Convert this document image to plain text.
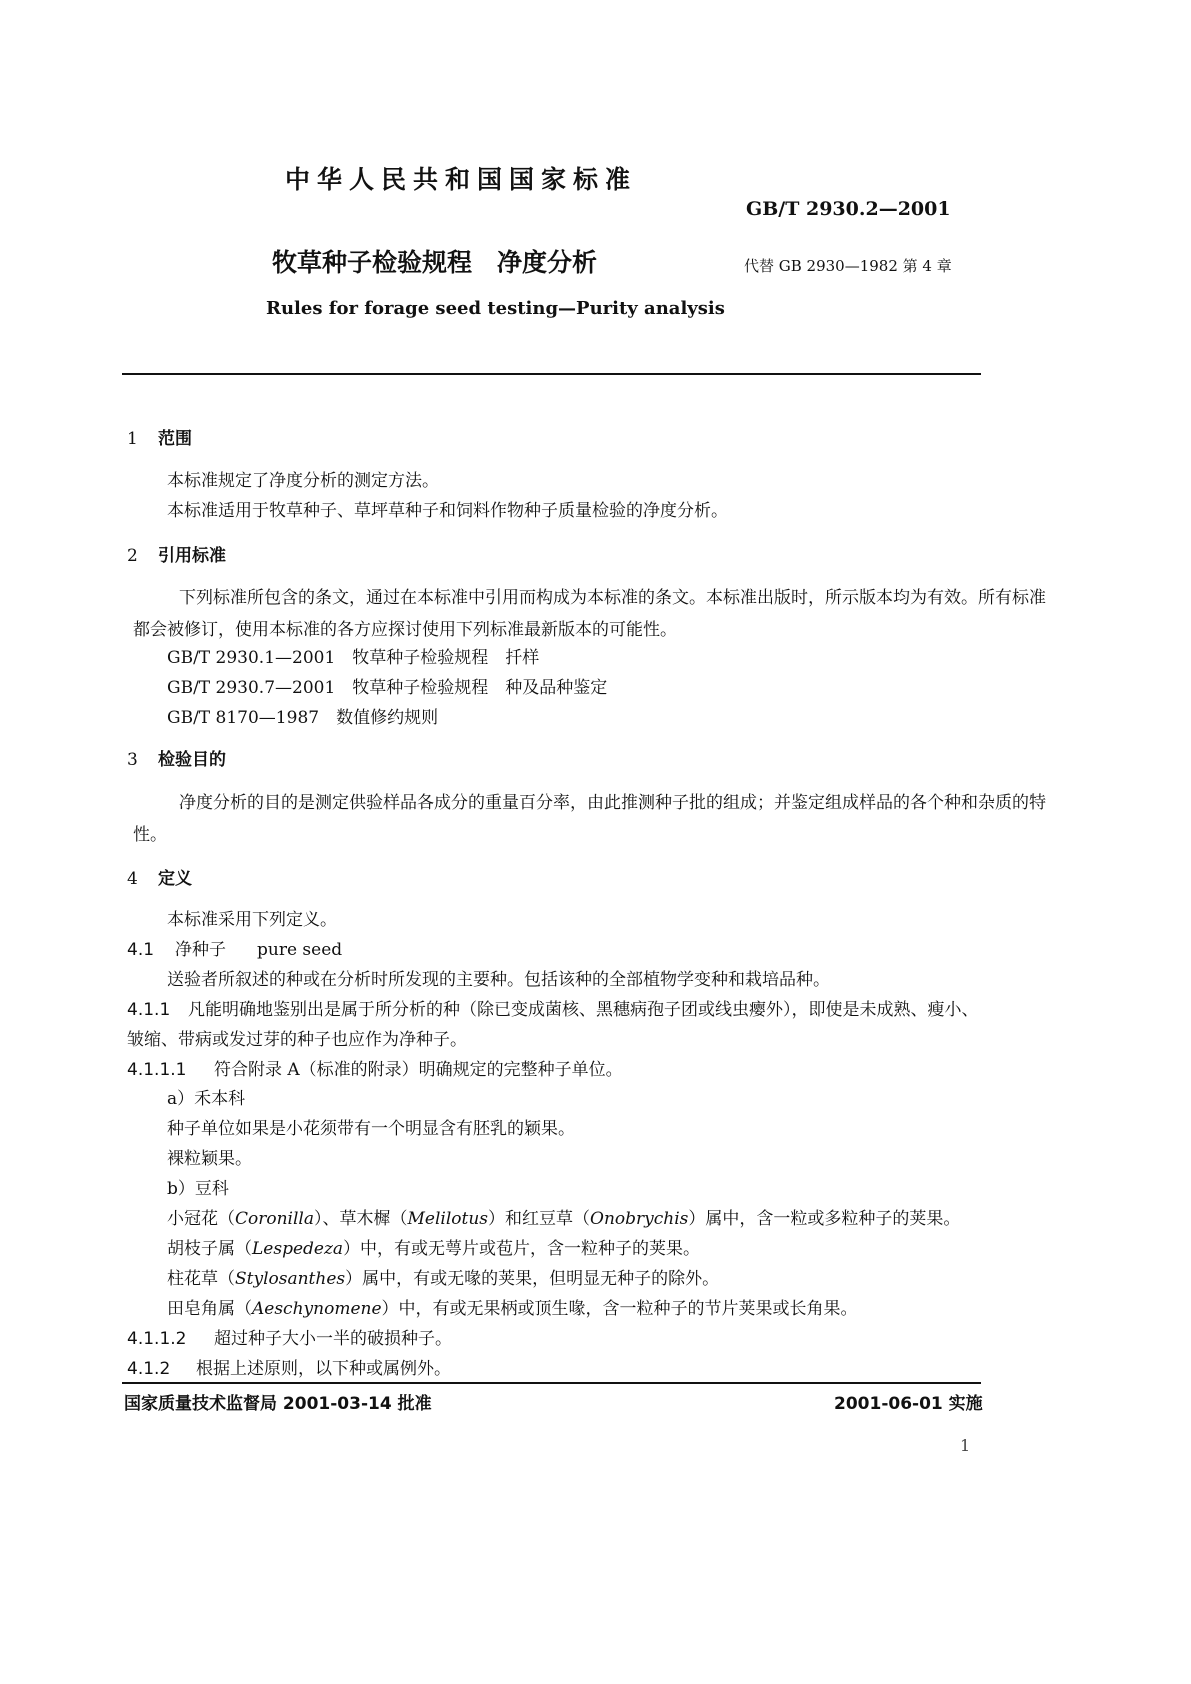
中华人民共和国国家标准
GB/T 2930.2—2001
牧草种子检验规程　净度分析	代替 GB 2930—1982 第 4 章
Rules for forage seed testing—Purity analysis
1 范围
本标准规定了净度分析的测定方法。
本标准适用于牧草种子、草坪草种子和饲料作物种子质量检验的净度分析。
2 引用标准
下列标准所包含的条文，通过在本标准中引用而构成为本标准的条文。本标准出版时，所示版本均为有效。所有标准都会被修订，使用本标准的各方应探讨使用下列标准最新版本的可能性。
GB/T 2930.1—2001　牧草种子检验规程　扦样
GB/T 2930.7—2001　牧草种子检验规程　种及品种鉴定
GB/T 8170—1987　数值修约规则
3 检验目的
净度分析的目的是测定供验样品各成分的重量百分率，由此推测种子批的组成；并鉴定组成样品的各个种和杂质的特性。
4 定义
本标准采用下列定义。
4.1 净种子 pure seed
送验者所叙述的种或在分析时所发现的主要种。包括该种的全部植物学变种和栽培品种。
4.1.1	凡能明确地鉴别出是属于所分析的种（除已变成菌核、黑穗病孢子团或线虫瘿外），即使是未成熟、瘦小、皱缩、带病或发过芽的种子也应作为净种子。
4.1.1.1 符合附录 A（标准的附录）明确规定的完整种子单位。
a）禾本科
种子单位如果是小花须带有一个明显含有胚乳的颖果。
裸粒颖果。
b）豆科
小冠花（Coronilla）、草木樨（Melilotus）和红豆草（Onobrychis）属中，含一粒或多粒种子的荚果。
胡枝子属（Lespedeza）中，有或无萼片或苞片，含一粒种子的荚果。
柱花草（Stylosanthes）属中，有或无喙的荚果，但明显无种子的除外。
田皂角属（Aeschynomene）中，有或无果柄或顶生喙，含一粒种子的节片荚果或长角果。
4.1.1.2 超过种子大小一半的破损种子。
4.1.2 根据上述原则，以下种或属例外。
国家质量技术监督局 2001-03-14 批准	2001-06-01 实施
1
